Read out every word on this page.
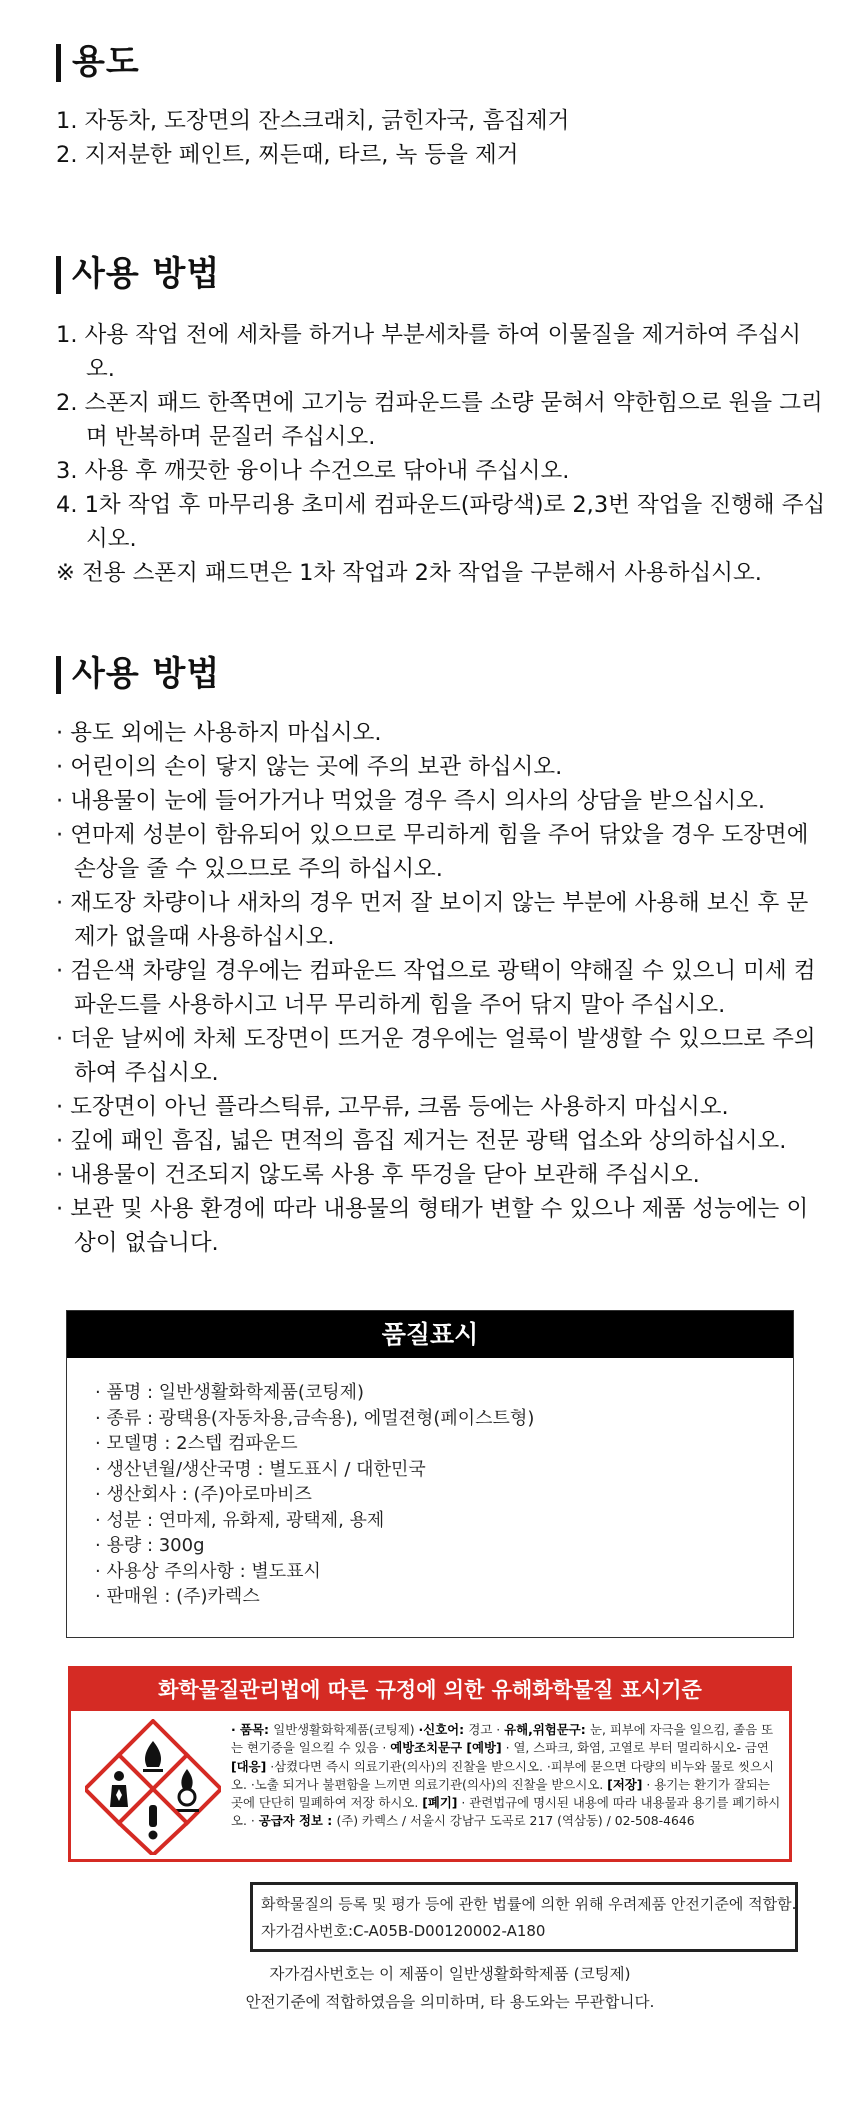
용도
1. 자동차, 도장면의 잔스크래치, 긁힌자국, 흠집제거
2. 지저분한 페인트, 찌든때, 타르, 녹 등을 제거
사용 방법
1. 사용 작업 전에 세차를 하거나 부분세차를 하여 이물질을 제거하여 주십시오.
2. 스폰지 패드 한쪽면에 고기능 컴파운드를 소량 묻혀서 약한힘으로 원을 그리며 반복하며 문질러 주십시오.
3. 사용 후 깨끗한 융이나 수건으로 닦아내 주십시오.
4. 1차 작업 후 마무리용 초미세 컴파운드(파랑색)로 2,3번 작업을 진행해 주십시오.
※ 전용 스폰지 패드면은 1차 작업과 2차 작업을 구분해서 사용하십시오.
사용 방법
· 용도 외에는 사용하지 마십시오.
· 어린이의 손이 닿지 않는 곳에 주의 보관 하십시오.
· 내용물이 눈에 들어가거나 먹었을 경우 즉시 의사의 상담을 받으십시오.
· 연마제 성분이 함유되어 있으므로 무리하게 힘을 주어 닦았을 경우 도장면에 손상을 줄 수 있으므로 주의 하십시오.
· 재도장 차량이나 새차의 경우 먼저 잘 보이지 않는 부분에 사용해 보신 후 문제가 없을때 사용하십시오.
· 검은색 차량일 경우에는 컴파운드 작업으로 광택이 약해질 수 있으니 미세 컴파운드를 사용하시고 너무 무리하게 힘을 주어 닦지 말아 주십시오.
· 더운 날씨에 차체 도장면이 뜨거운 경우에는 얼룩이 발생할 수 있으므로 주의하여 주십시오.
· 도장면이 아닌 플라스틱류, 고무류, 크롬 등에는 사용하지 마십시오.
· 깊에 패인 흠집, 넓은 면적의 흠집 제거는 전문 광택 업소와 상의하십시오.
· 내용물이 건조되지 않도록 사용 후 뚜겅을 닫아 보관해 주십시오.
· 보관 및 사용 환경에 따라 내용물의 형태가 변할 수 있으나 제품 성능에는 이상이 없습니다.
품질표시
· 품명 : 일반생활화학제품(코팅제)
· 종류 : 광택용(자동차용,금속용), 에멀젼형(페이스트형)
· 모델명 : 2스텝 컴파운드
· 생산년월/생산국명 : 별도표시 / 대한민국
· 생산회사 : (주)아로마비즈
· 성분 : 연마제, 유화제, 광택제, 용제
· 용량 : 300g
· 사용상 주의사항 : 별도표시
· 판매원 : (주)카렉스
화학물질관리법에 따른 규정에 의한 유해화학물질 표시기준
· 품목: 일반생활화학제품(코팅제) ·신호어: 경고 · 유해,위험문구: 눈, 피부에 자극을 일으킴, 졸음 또는 현기증을 일으킬 수 있음 · 예방조치문구 [예방] · 열, 스파크, 화염, 고열로 부터 멀리하시오- 금연 [대응] ·삼켰다면 즉시 의료기관(의사)의 진찰을 받으시오. ·피부에 묻으면 다량의 비누와 물로 씻으시오. ·노출 되거나 불편함을 느끼면 의료기관(의사)의 진찰을 받으시오. [저장] · 용기는 환기가 잘되는 곳에 단단히 밀폐하여 저장 하시오. [폐기] · 관련법규에 명시된 내용에 따라 내용물과 용기를 폐기하시오. · 공급자 정보 : (주) 카렉스 / 서울시 강남구 도곡로 217 (역삼동) / 02-508-4646
화학물질의 등록 및 평가 등에 관한 법률에 의한 위해 우려제품 안전기준에 적합함.
자가검사번호:C-A05B-D00120002-A180
자가검사번호는 이 제품이 일반생활화학제품 (코팅제)
안전기준에 적합하였음을 의미하며, 타 용도와는 무관합니다.
